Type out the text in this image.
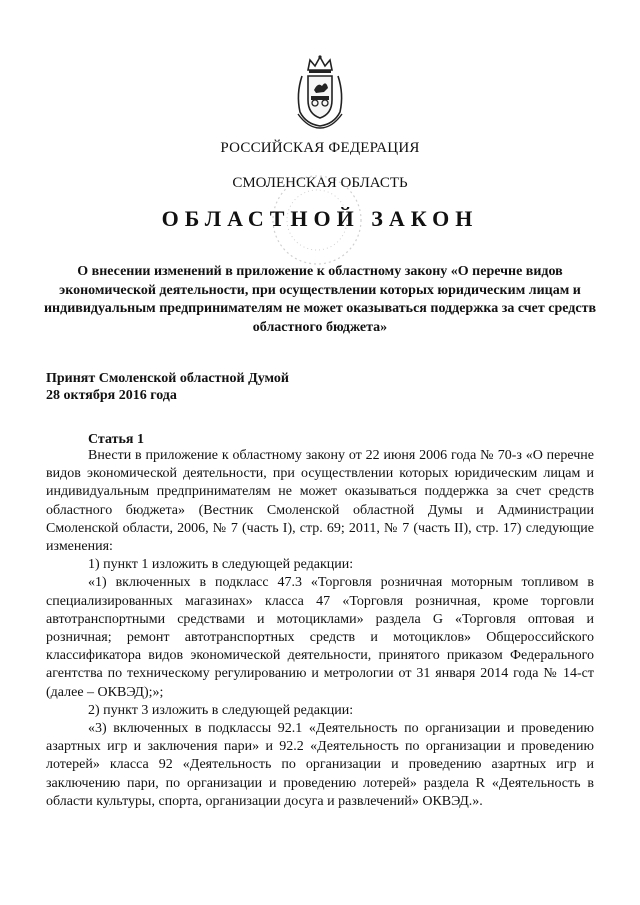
РОССИЙСКАЯ ФЕДЕРАЦИЯ
СМОЛЕНСКАЯ ОБЛАСТЬ
ОБЛАСТНОЙ ЗАКОН
О внесении изменений в приложение к областному закону «О перечне видов экономической деятельности, при осуществлении которых юридическим лицам и индивидуальным предпринимателям не может оказываться поддержка за счет средств областного бюджета»
Принят Смоленской областной Думой
28 октября 2016 года
Статья 1

Внести в приложение к областному закону от 22 июня 2006 года № 70-з «О перечне видов экономической деятельности, при осуществлении которых юридическим лицам и индивидуальным предпринимателям не может оказываться поддержка за счет средств областного бюджета» (Вестник Смоленской областной Думы и Администрации Смоленской области, 2006, № 7 (часть I), стр. 69; 2011, № 7 (часть II), стр. 17) следующие изменения:

1) пункт 1 изложить в следующей редакции:

«1) включенных в подкласс 47.3 «Торговля розничная моторным топливом в специализированных магазинах» класса 47 «Торговля розничная, кроме торговли автотранспортными средствами и мотоциклами» раздела G «Торговля оптовая и розничная; ремонт автотранспортных средств и мотоциклов» Общероссийского классификатора видов экономической деятельности, принятого приказом Федерального агентства по техническому регулированию и метрологии от 31 января 2014 года № 14-ст (далее – ОКВЭД);»;

2) пункт 3 изложить в следующей редакции:

«3) включенных в подклассы 92.1 «Деятельность по организации и проведению азартных игр и заключения пари» и 92.2 «Деятельность по организации и проведению лотерей» класса 92 «Деятельность по организации и проведению азартных игр и заключению пари, по организации и проведению лотерей» раздела R «Деятельность в области культуры, спорта, организации досуга и развлечений» ОКВЭД.».
